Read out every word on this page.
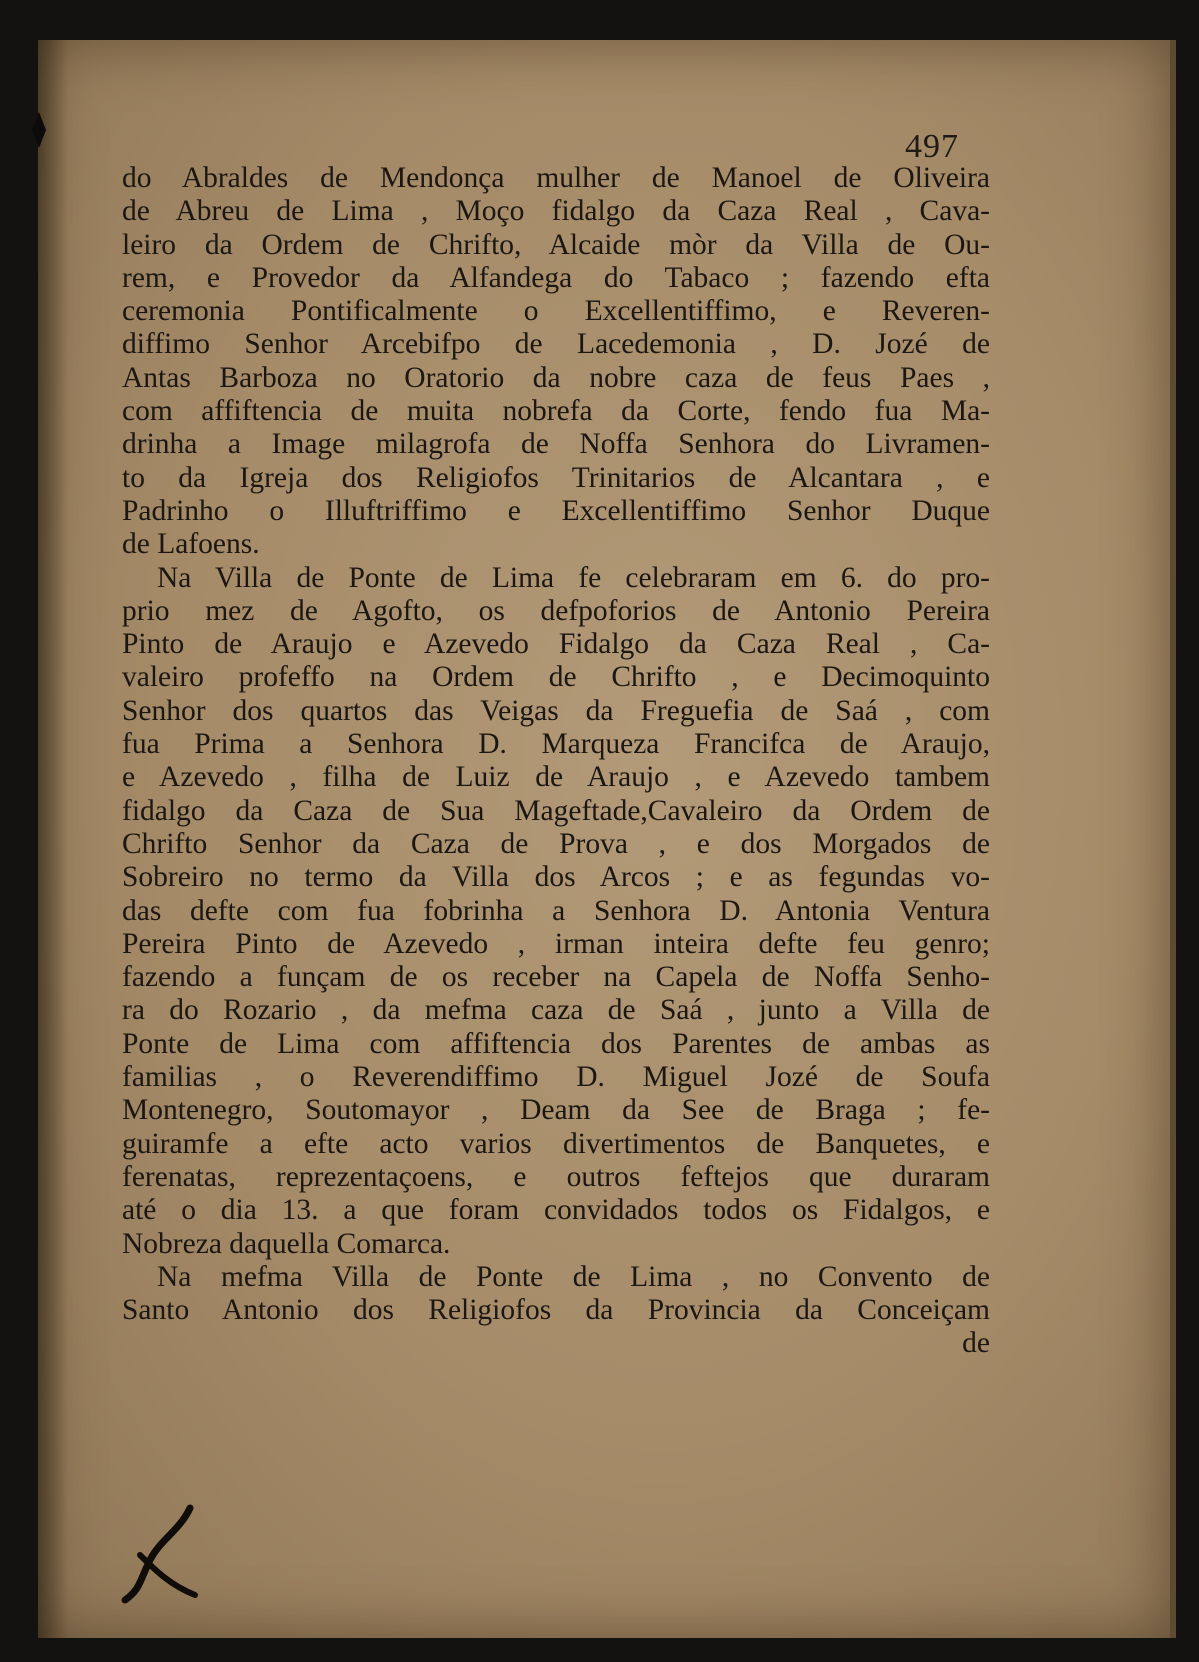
497
do Abraldes de Mendonça mulher de Manoel de Oliveira
de Abreu de Lima , Moço fidalgo da Caza Real , Cava-
leiro da Ordem de Chrifto, Alcaide mòr da Villa de Ou-
rem, e Provedor da Alfandega do Tabaco ; fazendo efta
ceremonia Pontificalmente o Excellentiffimo, e Reveren-
diffimo Senhor Arcebifpo de Lacedemonia , D. Jozé de
Antas Barboza no Oratorio da nobre caza de feus Paes ,
com affiftencia de muita nobrefa da Corte, fendo fua Ma-
drinha a Image milagrofa de Noffa Senhora do Livramen-
to da Igreja dos Religiofos Trinitarios de Alcantara , e
Padrinho o Illuftriffimo e Excellentiffimo Senhor Duque
de Lafoens.
Na Villa de Ponte de Lima fe celebraram em 6. do pro-
prio mez de Agofto, os defpoforios de Antonio Pereira
Pinto de Araujo e Azevedo Fidalgo da Caza Real , Ca-
valeiro profeffo na Ordem de Chrifto , e Decimoquinto
Senhor dos quartos das Veigas da Freguefia de Saá , com
fua Prima a Senhora D. Marqueza Francifca de Araujo,
e Azevedo , filha de Luiz de Araujo , e Azevedo tambem
fidalgo da Caza de Sua Mageftade,Cavaleiro da Ordem de
Chrifto Senhor da Caza de Prova , e dos Morgados de
Sobreiro no termo da Villa dos Arcos ; e as fegundas vo-
das defte com fua fobrinha a Senhora D. Antonia Ventura
Pereira Pinto de Azevedo , irman inteira defte feu genro;
fazendo a funçam de os receber na Capela de Noffa Senho-
ra do Rozario , da mefma caza de Saá , junto a Villa de
Ponte de Lima com affiftencia dos Parentes de ambas as
familias , o Reverendiffimo D. Miguel Jozé de Soufa
Montenegro, Soutomayor , Deam da See de Braga ; fe-
guiramfe a efte acto varios divertimentos de Banquetes, e
ferenatas, reprezentaçoens, e outros feftejos que duraram
até o dia 13. a que foram convidados todos os Fidalgos, e
Nobreza daquella Comarca.
Na mefma Villa de Ponte de Lima , no Convento de
Santo Antonio dos Religiofos da Provincia da Conceiçam
de
